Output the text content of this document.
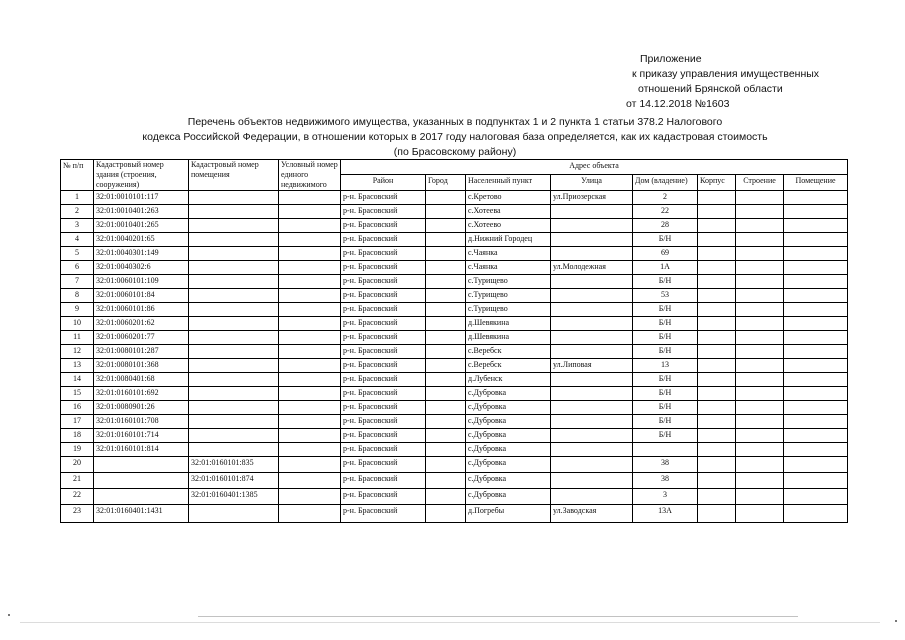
Приложение
к приказу управления имущественных
отношений Брянской области
от 14.12.2018 №1603
Перечень объектов недвижимого имущества, указанных в подпунктах 1 и 2 пункта 1 статьи 378.2 Налогового
кодекса Российской Федерации, в отношении которых в 2017 году налоговая база определяется, как их кадастровая стоимость
(по Брасовскому району)
№ п/п	Кадастровый номер здания (строения, сооружения)	Кадастровый номер помещения	Условный номер единого недвижимого	Адрес объекта							
				Район	Город	Населенный пункт	Улица	Дом (владение)	Корпус	Строение	Помещение
1	32:01:0010101:117			р-н. Брасовский		с.Кретово	ул.Приозерская	2			
2	32:01:0010401:263			р-н. Брасовский		с.Хотеева		22			
3	32:01:0010401:265			р-н. Брасовский		с.Хотеево		28			
4	32:01:0040201:65			р-н. Брасовский		д.Нижний Городец		Б/Н			
5	32:01:0040301:149			р-н. Брасовский		с.Чаянка		69			
6	32:01:0040302:6			р-н. Брасовский		с.Чаянка	ул.Молодежная	1А			
7	32:01:0060101:109			р-н. Брасовский		с.Турищево		Б/Н			
8	32:01:0060101:84			р-н. Брасовский		с.Турищево		53			
9	32:01:0060101:86			р-н. Брасовский		с.Турищево		Б/Н			
10	32:01:0060201:62			р-н. Брасовский		д.Шевякина		Б/Н			
11	32:01:0060201:77			р-н. Брасовский		д.Шевякина		Б/Н			
12	32:01:0080101:287			р-н. Брасовский		с.Веребск		Б/Н			
13	32:01:0080101:368			р-н. Брасовский		с.Веребск	ул.Липовая	13			
14	32:01:0080401:68			р-н. Брасовский		д.Лубенск		Б/Н			
15	32:01:0160101:692			р-н. Брасовский		с.Дубровка		Б/Н			
16	32:01:0080901:26			р-н. Брасовский		с.Дубровка		Б/Н			
17	32:01:0160101:708			р-н. Брасовский		с.Дубровка		Б/Н			
18	32:01:0160101:714			р-н. Брасовский		с.Дубровка		Б/Н			
19	32:01:0160101:814			р-н. Брасовский		с.Дубровка					
20		32:01:0160101:835		р-н. Брасовский		с.Дубровка		38			
21		32:01:0160101:874		р-н. Брасовский		с.Дубровка		38			
22		32:01:0160401:1385		р-н. Брасовский		с.Дубровка		3			
23	32:01:0160401:1431			р-н. Брасовский		д.Погребы	ул.Заводская	13А			
